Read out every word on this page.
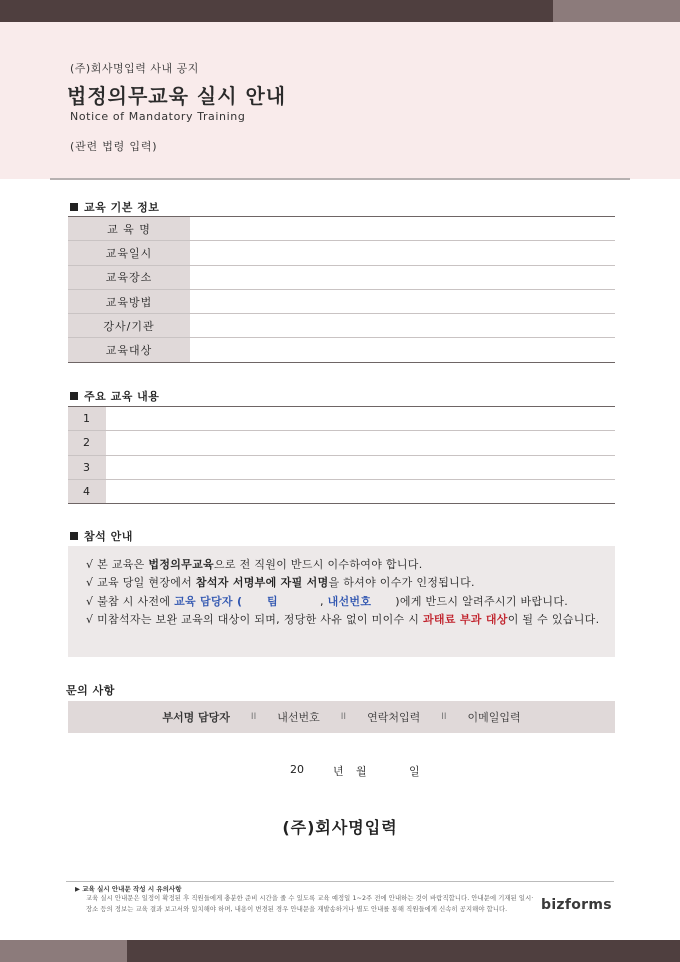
(주)회사명입력 사내 공지
법정의무교육 실시 안내
Notice of Mandatory Training
(관련 법령 입력)
교육 기본 정보
교 육 명	
교육일시	
교육장소	
교육방법	
강사/기관	
교육대상	
주요 교육 내용
1	
2	
3	
4	
참석 안내
√ 본 교육은 법정의무교육으로 전 직원이 반드시 이수하여야 합니다.
√ 교육 당일 현장에서 참석자 서명부에 자필 서명을 하셔야 이수가 인정됩니다.
√ 불참 시 사전에 교육 담당자 (      팀	, 내선번호 )에게 반드시 알려주시기 바랍니다.
√ 미참석자는 보완 교육의 대상이 되며, 정당한 사유 없이 미이수 시 과태료 부과 대상이 될 수 있습니다.
문의 사항
부서명 담당자 II 내선번호 II 연락처입력 II 이메일입력
20	년 월	일
(주)회사명입력
▶ 교육 실시 안내문 작성 시 유의사항
교육 실시 안내문은 일정이 확정된 후 직원들에게 충분한 준비 시간을 줄 수 있도록 교육 예정일 1~2주 전에 안내하는 것이 바람직합니다. 안내문에 기재된 일시·장소 등의 정보는 교육 결과 보고서와 일치해야 하며, 내용이 변경된 경우 안내문을 재발송하거나 별도 안내를 통해 직원들에게 신속히 공지해야 합니다.	bizforms
